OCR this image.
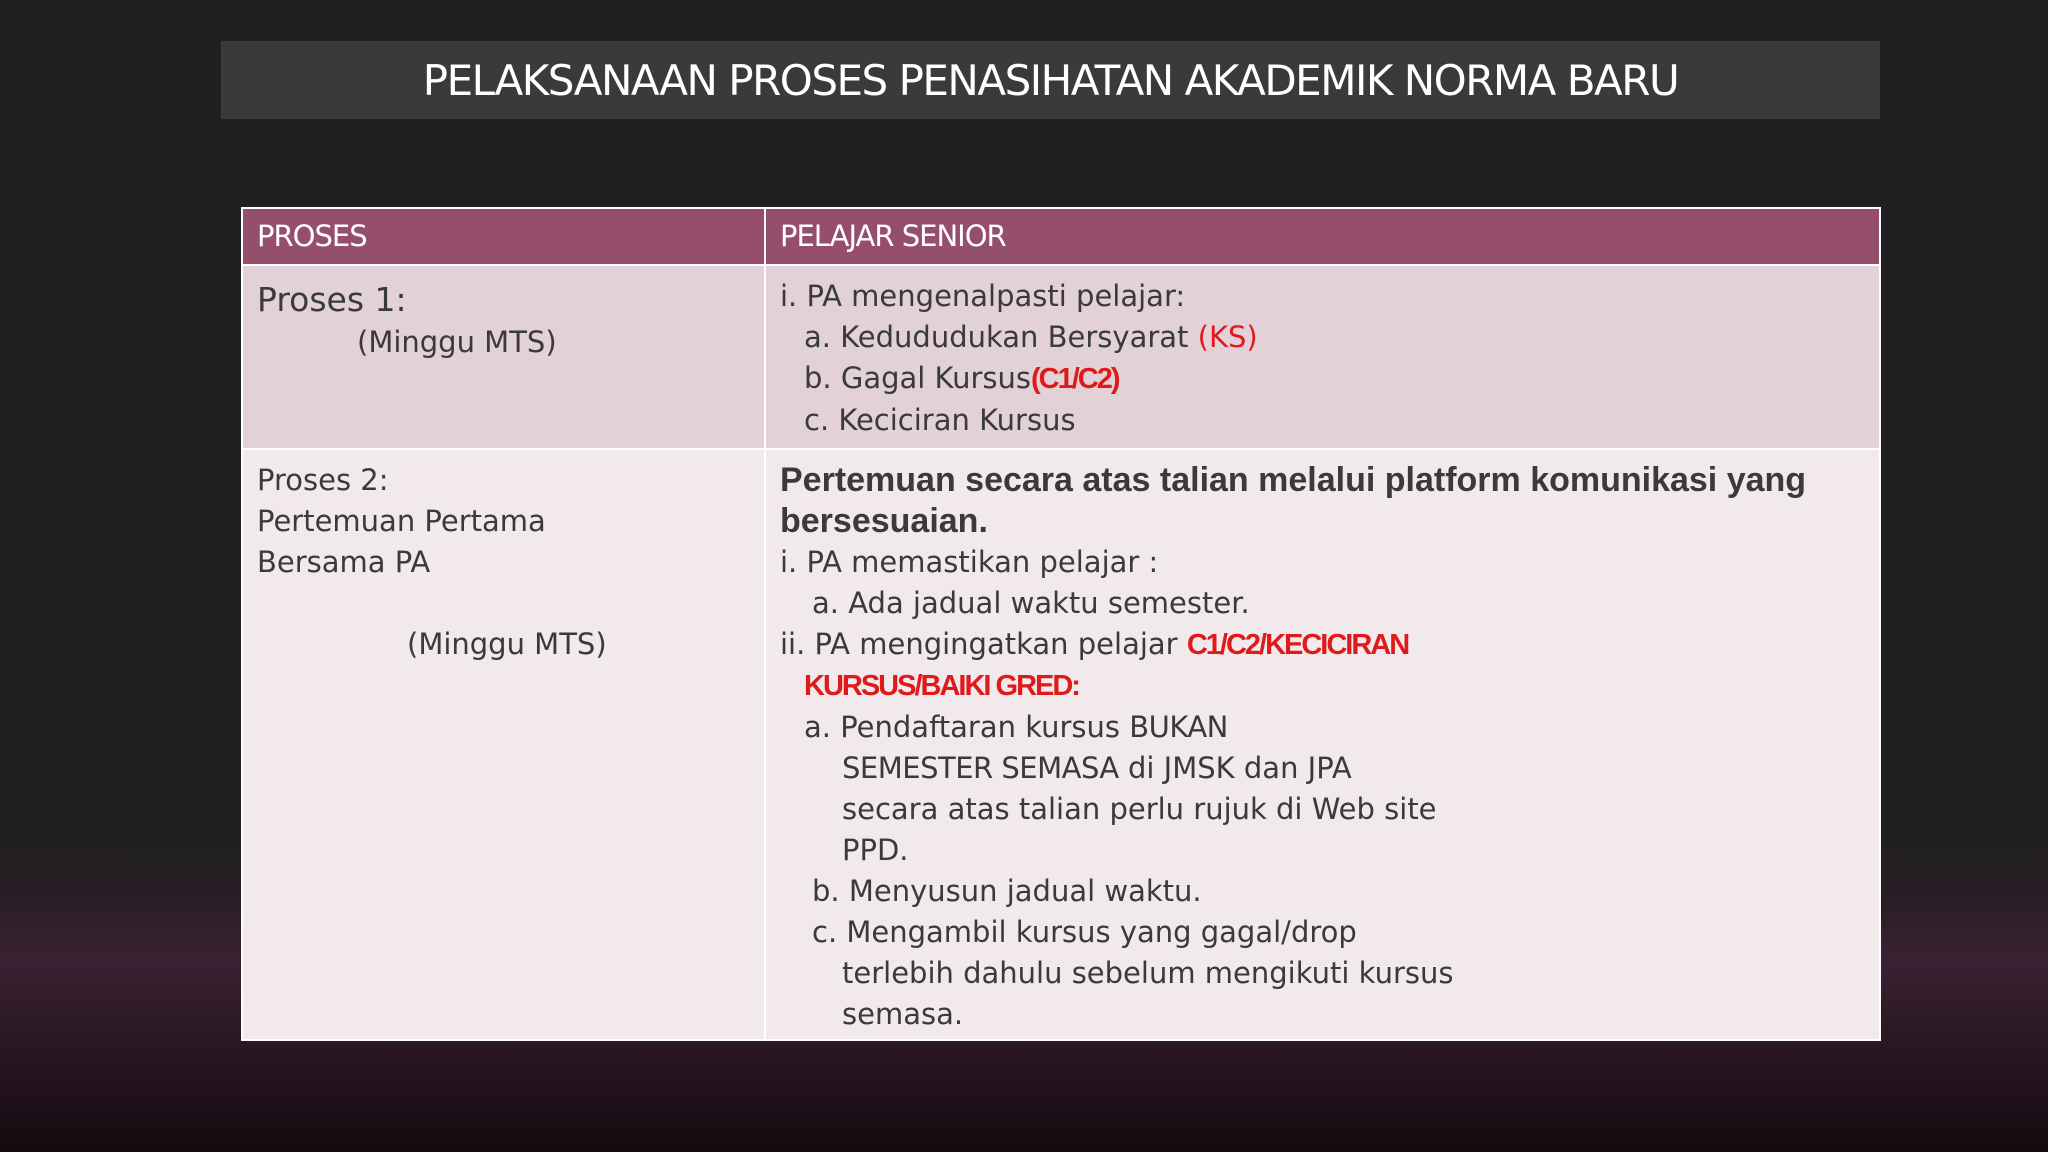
PELAKSANAAN PROSES PENASIHATAN AKADEMIK NORMA BARU
PROSES	PELAJAR SENIOR
Proses 1:
(Minggu MTS)
i. PA mengenalpasti pelajar:
a. Kedududukan Bersyarat (KS)
b. Gagal Kursus(C1/C2)
c. Keciciran Kursus
Proses 2:
Pertemuan Pertama
Bersama PA
(Minggu MTS)
Pertemuan secara atas talian melalui platform komunikasi yang
bersesuaian.
i. PA memastikan pelajar :
a. Ada jadual waktu semester.
ii. PA mengingatkan pelajar C1/C2/KECICIRAN
KURSUS/BAIKI GRED:
a. Pendaftaran kursus BUKAN
SEMESTER SEMASA di JMSK dan JPA
secara atas talian perlu rujuk di Web site
PPD.
b. Menyusun jadual waktu.
c. Mengambil kursus yang gagal/drop
terlebih dahulu sebelum mengikuti kursus
semasa.
